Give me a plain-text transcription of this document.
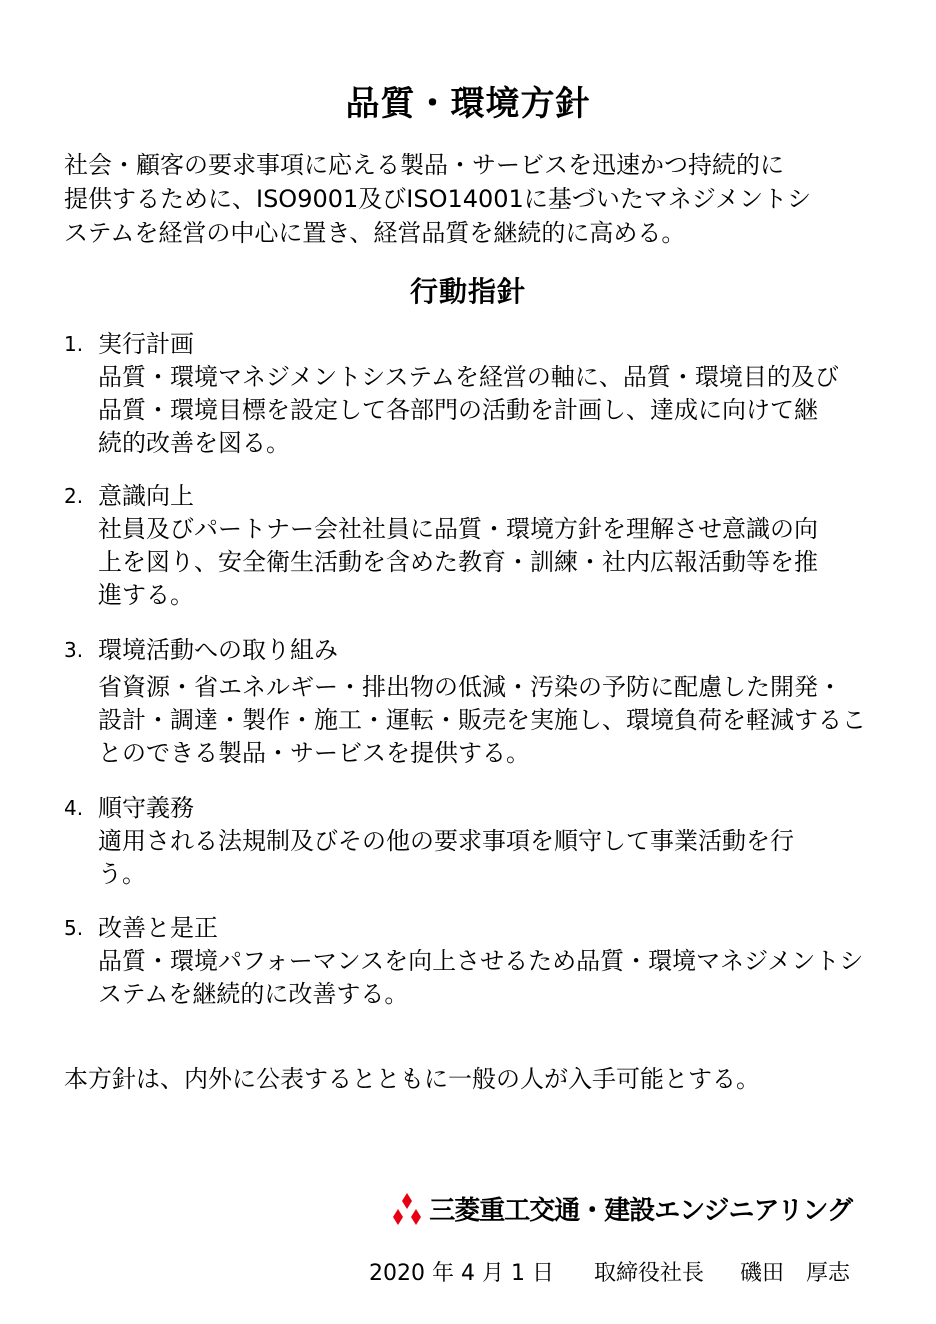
品質・環境方針

社会・顧客の要求事項に応える製品・サービスを迅速かつ持続的に

提供するために、ISO9001及びISO14001に基づいたマネジメントシ

ステムを経営の中心に置き、経営品質を継続的に高める。

行動指針
1. 実行計画

品質・環境マネジメントシステムを経営の軸に、品質・環境目的及び

品質・環境目標を設定して各部門の活動を計画し、達成に向けて継

続的改善を図る。

2. 意識向上

社員及びパートナー会社社員に品質・環境方針を理解させ意識の向

上を図り、安全衛生活動を含めた教育・訓練・社内広報活動等を推

進する。

3. 環境活動への取り組み

省資源・省エネルギー・排出物の低減・汚染の予防に配慮した開発・

設計・調達・製作・施工・運転・販売を実施し、環境負荷を軽減するこ

とのできる製品・サービスを提供する。

4. 順守義務

適用される法規制及びその他の要求事項を順守して事業活動を行

う。

5. 改善と是正

品質・環境パフォーマンスを向上させるため品質・環境マネジメントシ

ステムを継続的に改善する。

本方針は、内外に公表するとともに一般の人が入手可能とする。
三菱重工交通・建設エンジニアリング
2020 年 4 月 1 日 取締役社長 磯田　厚志
